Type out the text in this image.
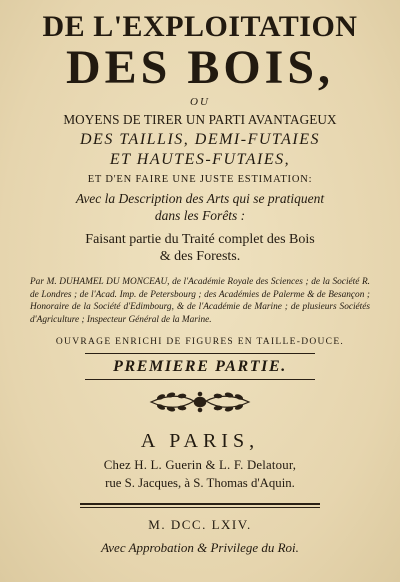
DE L'EXPLOITATION
DES BOIS,
OU
MOYENS DE TIRER UN PARTI AVANTAGEUX
DES TAILLIS, DEMI-FUTAIES
ET HAUTES-FUTAIES,
ET D'EN FAIRE UNE JUSTE ESTIMATION:
Avec la Description des Arts qui se pratiquent
dans les Forêts :
Faisant partie du Traité complet des Bois
& des Forests.
Par M. DUHAMEL DU MONCEAU, de l'Académie Royale des Sciences ; de la Société R. de Londres ; de l'Acad. Imp. de Petersbourg ; des Académies de Palerme & de Besançon ; Honoraire de la Société d'Edimbourg, & de l'Académie de Marine ; de plusieurs Sociétés d'Agriculture ; Inspecteur Général de la Marine.
OUVRAGE ENRICHI DE FIGURES EN TAILLE-DOUCE.
PREMIERE PARTIE.
A PARIS,
Chez H. L. Guerin & L. F. Delatour,
rue S. Jacques, à S. Thomas d'Aquin.
M. DCC. LXIV.
Avec Approbation & Privilege du Roi.
